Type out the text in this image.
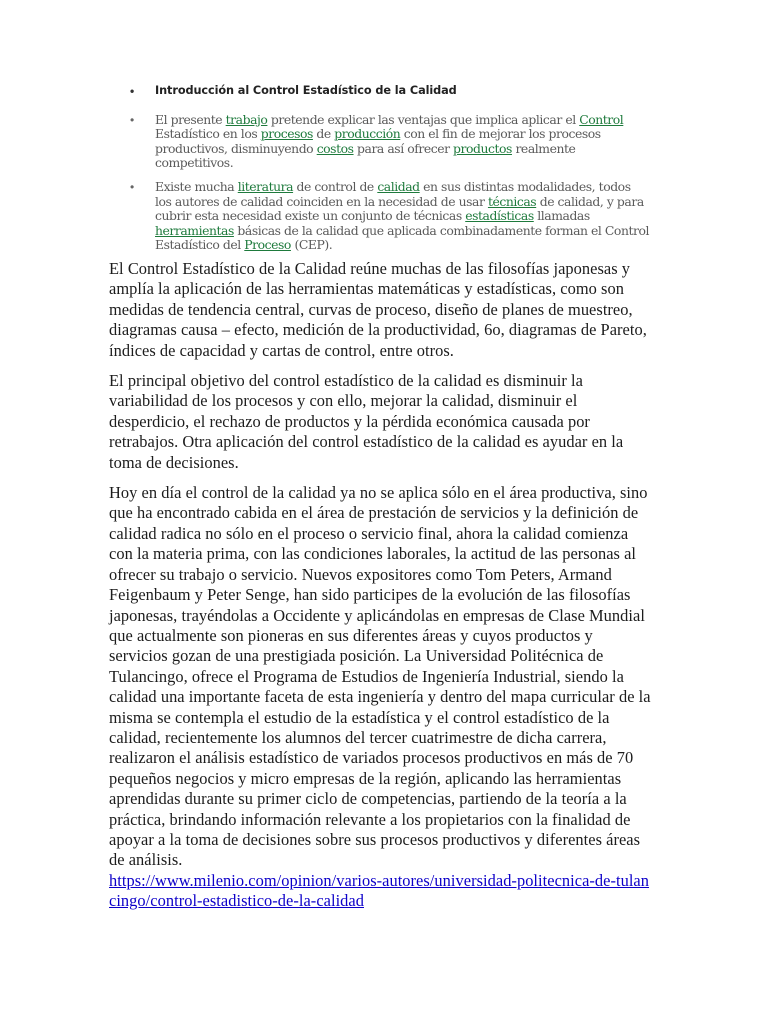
• Introducción al Control Estadístico de la Calidad
• El presente trabajo pretende explicar las ventajas que implica aplicar el Control Estadístico en los procesos de producción con el fin de mejorar los procesos productivos, disminuyendo costos para así ofrecer productos realmente competitivos.
• Existe mucha literatura de control de calidad en sus distintas modalidades, todos los autores de calidad coinciden en la necesidad de usar técnicas de calidad, y para cubrir esta necesidad existe un conjunto de técnicas estadísticas llamadas herramientas básicas de la calidad que aplicada combinadamente forman el Control Estadístico del Proceso (CEP).

El Control Estadístico de la Calidad reúne muchas de las filosofías japonesas y amplía la aplicación de las herramientas matemáticas y estadísticas, como son medidas de tendencia central, curvas de proceso, diseño de planes de muestreo, diagramas causa – efecto, medición de la productividad, 6o, diagramas de Pareto, índices de capacidad y cartas de control, entre otros.

El principal objetivo del control estadístico de la calidad es disminuir la variabilidad de los procesos y con ello, mejorar la calidad, disminuir el desperdicio, el rechazo de productos y la pérdida económica causada por retrabajos. Otra aplicación del control estadístico de la calidad es ayudar en la toma de decisiones.

Hoy en día el control de la calidad ya no se aplica sólo en el área productiva, sino que ha encontrado cabida en el área de prestación de servicios y la definición de calidad radica no sólo en el proceso o servicio final, ahora la calidad comienza con la materia prima, con las condiciones laborales, la actitud de las personas al ofrecer su trabajo o servicio. Nuevos expositores como Tom Peters, Armand Feigenbaum y Peter Senge, han sido participes de la evolución de las filosofías japonesas, trayéndolas a Occidente y aplicándolas en empresas de Clase Mundial que actualmente son pioneras en sus diferentes áreas y cuyos productos y servicios gozan de una prestigiada posición. La Universidad Politécnica de Tulancingo, ofrece el Programa de Estudios de Ingeniería Industrial, siendo la calidad una importante faceta de esta ingeniería y dentro del mapa curricular de la misma se contempla el estudio de la estadística y el control estadístico de la calidad, recientemente los alumnos del tercer cuatrimestre de dicha carrera, realizaron el análisis estadístico de variados procesos productivos en más de 70 pequeños negocios y micro empresas de la región, aplicando las herramientas aprendidas durante su primer ciclo de competencias, partiendo de la teoría a la práctica, brindando información relevante a los propietarios con la finalidad de apoyar a la toma de decisiones sobre sus procesos productivos y diferentes áreas de análisis.
https://www.milenio.com/opinion/varios-autores/universidad-politecnica-de-tulancingo/control-estadistico-de-la-calidad
